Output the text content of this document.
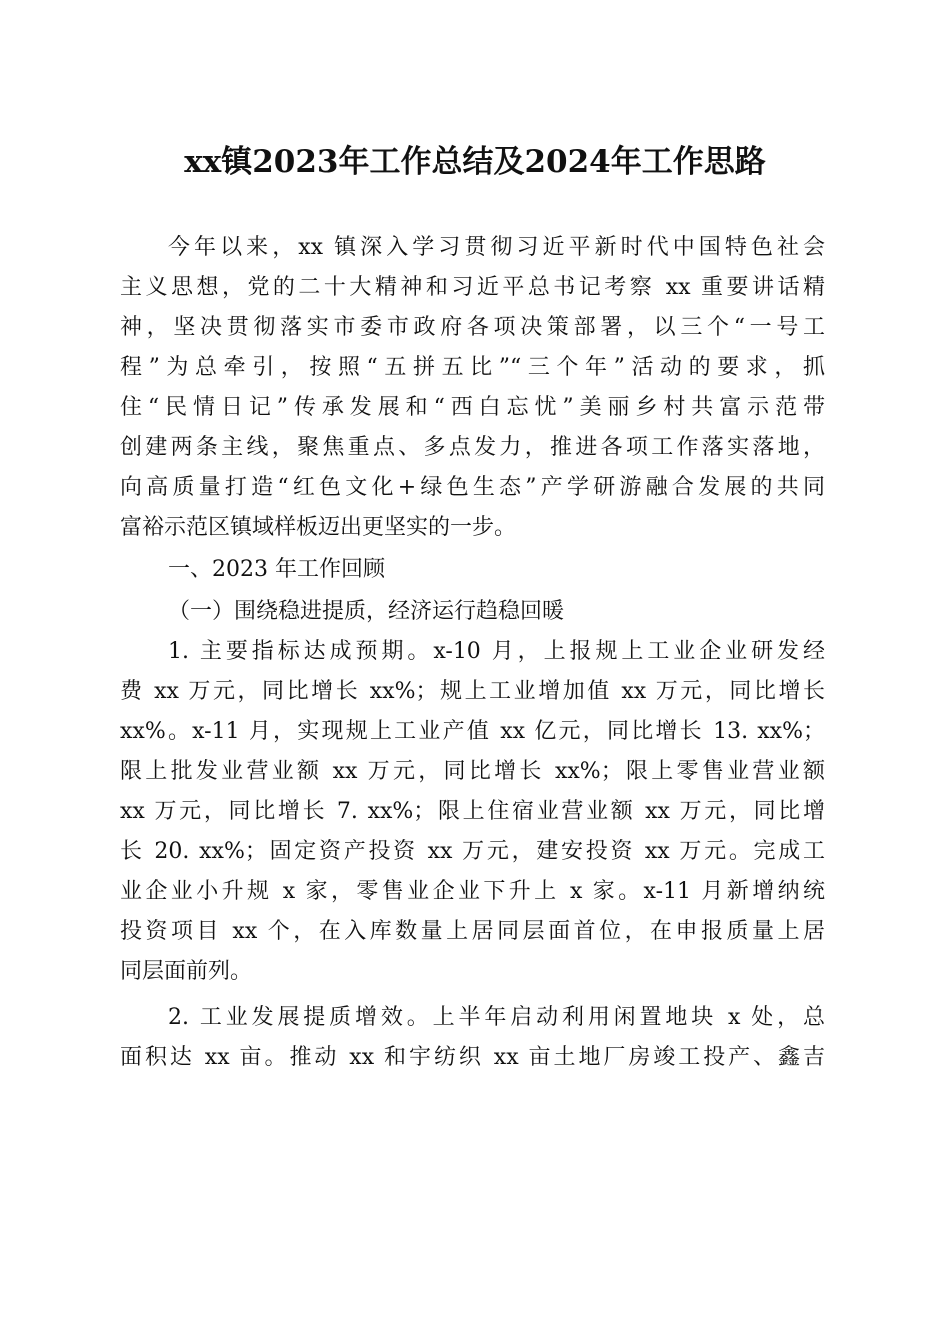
xx镇2023年工作总结及2024年工作思路
今年以来，xx 镇深入学习贯彻习近平新时代中国特色社会
主义思想，党的二十大精神和习近平总书记考察 xx 重要讲话精
神，坚决贯彻落实市委市政府各项决策部署，以三个“一号工
程”为总牵引，按照“五拼五比”“三个年”活动的要求，抓
住“民情日记”传承发展和“西白忘忧”美丽乡村共富示范带
创建两条主线，聚焦重点、多点发力，推进各项工作落实落地，
向高质量打造“红色文化+绿色生态”产学研游融合发展的共同
富裕示范区镇域样板迈出更坚实的一步。
一、2023 年工作回顾
（一）围绕稳进提质，经济运行趋稳回暖
1. 主要指标达成预期。x-10 月，上报规上工业企业研发经
费 xx 万元，同比增长 xx%；规上工业增加值 xx 万元，同比增长
xx%。x-11 月，实现规上工业产值 xx 亿元，同比增长 13. xx%；
限上批发业营业额 xx 万元，同比增长 xx%；限上零售业营业额
xx 万元，同比增长 7. xx%；限上住宿业营业额 xx 万元，同比增
长 20. xx%；固定资产投资 xx 万元，建安投资 xx 万元。完成工
业企业小升规 x 家，零售业企业下升上 x 家。x-11 月新增纳统
投资项目 xx 个，在入库数量上居同层面首位，在申报质量上居
同层面前列。
2. 工业发展提质增效。上半年启动利用闲置地块 x 处，总
面积达 xx 亩。推动 xx 和宇纺织 xx 亩土地厂房竣工投产、鑫吉
